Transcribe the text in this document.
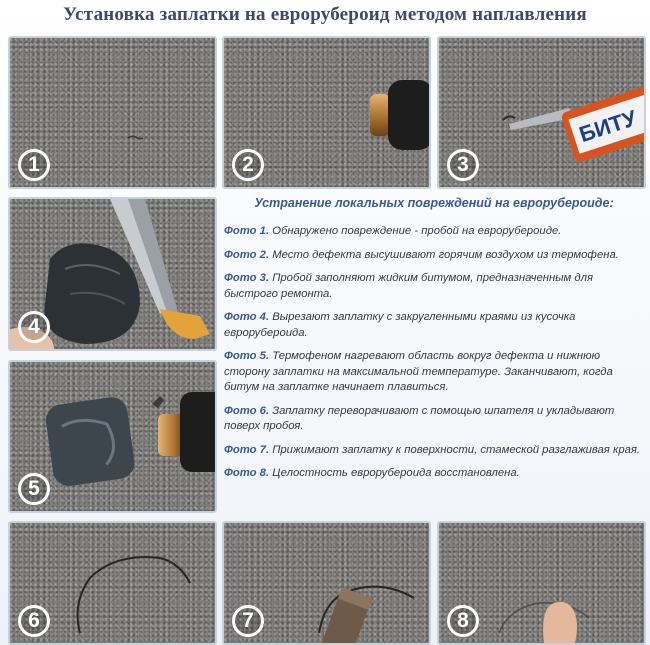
Установка заплатки на еврорубероид методом наплавления
1	2
БИТУ
3
4
5
6	7	8
Устранение локальных повреждений на еврорубероиде:
Фото 1. Обнаружено повреждение - пробой на еврорубероиде.
Фото 2. Место дефекта высушивают горячим воздухом из термофена.
Фото 3. Пробой заполняют жидким битумом, предназначенным для быстрого ремонта.
Фото 4. Вырезают заплатку с закругленными краями из кусочка еврорубероида.
Фото 5. Термофеном нагревают область вокруг дефекта и нижнюю сторону заплатки на максимальной температуре. Заканчивают, когда битум на заплатке начинает плавиться.
Фото 6. Заплатку переворачивают с помощью шпателя и укладывают поверх пробоя.
Фото 7. Прижимают заплатку к поверхности, стамеской разглаживая края.
Фото 8. Целостность еврорубероида восстановлена.
